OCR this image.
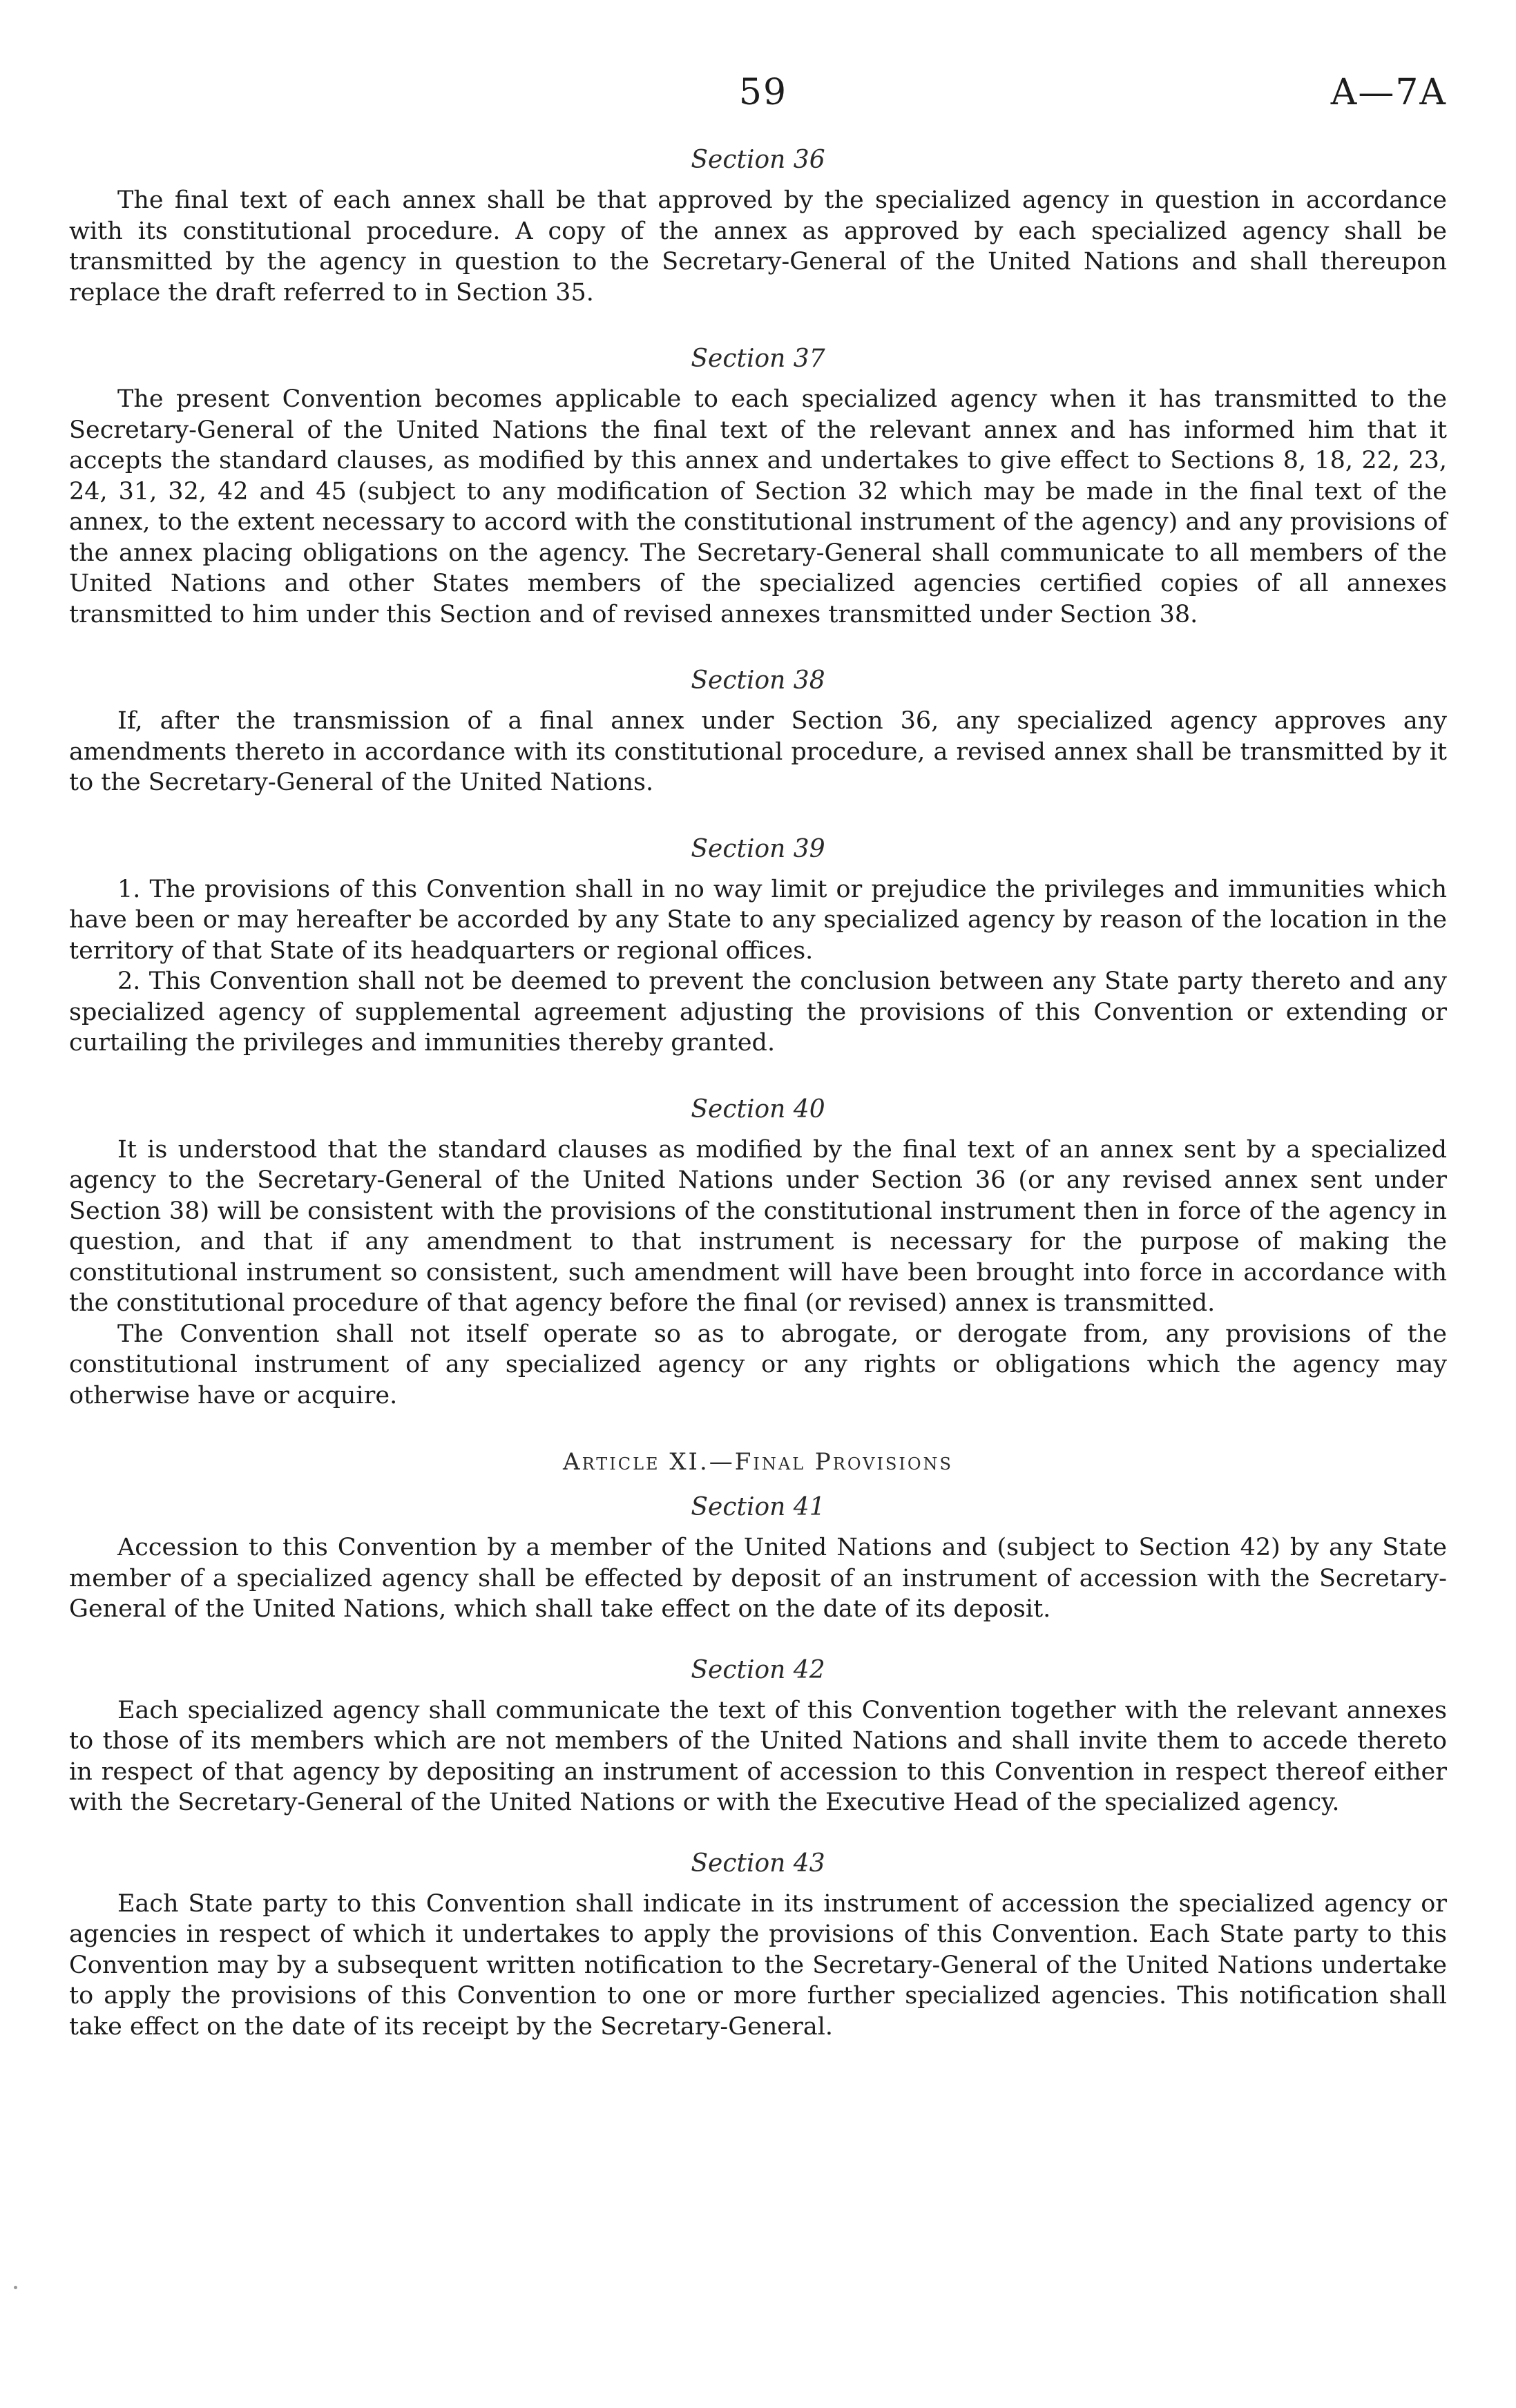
59	A—7A
Section 36

The final text of each annex shall be that approved by the specialized agency in question in accordance with its constitutional procedure. A copy of the annex as approved by each specialized agency shall be transmitted by the agency in question to the Secretary-General of the United Nations and shall thereupon replace the draft referred to in Section 35.

Section 37

The present Convention becomes applicable to each specialized agency when it has transmitted to the Secretary-General of the United Nations the final text of the relevant annex and has informed him that it accepts the standard clauses, as modified by this annex and undertakes to give effect to Sections 8, 18, 22, 23, 24, 31, 32, 42 and 45 (subject to any modification of Section 32 which may be made in the final text of the annex, to the extent necessary to accord with the constitutional instrument of the agency) and any provisions of the annex placing obligations on the agency. The Secretary-General shall communicate to all members of the United Nations and other States members of the specialized agencies certified copies of all annexes transmitted to him under this Section and of revised annexes transmitted under Section 38.

Section 38

If, after the transmission of a final annex under Section 36, any specialized agency approves any amendments thereto in accordance with its constitutional procedure, a revised annex shall be transmitted by it to the Secretary-General of the United Nations.

Section 39

1. The provisions of this Convention shall in no way limit or prejudice the privileges and immunities which have been or may hereafter be accorded by any State to any specialized agency by reason of the location in the territory of that State of its headquarters or regional offices.

2. This Convention shall not be deemed to prevent the conclusion between any State party thereto and any specialized agency of supplemental agreement adjusting the provisions of this Convention or extending or curtailing the privileges and immunities thereby granted.

Section 40

It is understood that the standard clauses as modified by the final text of an annex sent by a specialized agency to the Secretary-General of the United Nations under Section 36 (or any revised annex sent under Section 38) will be consistent with the provisions of the constitutional instrument then in force of the agency in question, and that if any amendment to that instrument is necessary for the purpose of making the constitutional instrument so consistent, such amendment will have been brought into force in accordance with the constitutional procedure of that agency before the final (or revised) annex is transmitted.

The Convention shall not itself operate so as to abrogate, or derogate from, any provisions of the constitutional instrument of any specialized agency or any rights or obligations which the agency may otherwise have or acquire.

Article XI.—Final Provisions
Section 41

Accession to this Convention by a member of the United Nations and (subject to Section 42) by any State member of a specialized agency shall be effected by deposit of an instrument of accession with the Secretary-General of the United Nations, which shall take effect on the date of its deposit.

Section 42

Each specialized agency shall communicate the text of this Convention together with the relevant annexes to those of its members which are not members of the United Nations and shall invite them to accede thereto in respect of that agency by depositing an instrument of accession to this Convention in respect thereof either with the Secretary-General of the United Nations or with the Executive Head of the specialized agency.

Section 43

Each State party to this Convention shall indicate in its instrument of accession the specialized agency or agencies in respect of which it undertakes to apply the provisions of this Convention. Each State party to this Convention may by a subsequent written notification to the Secretary-General of the United Nations undertake to apply the provisions of this Convention to one or more further specialized agencies. This notification shall take effect on the date of its receipt by the Secretary-General.
